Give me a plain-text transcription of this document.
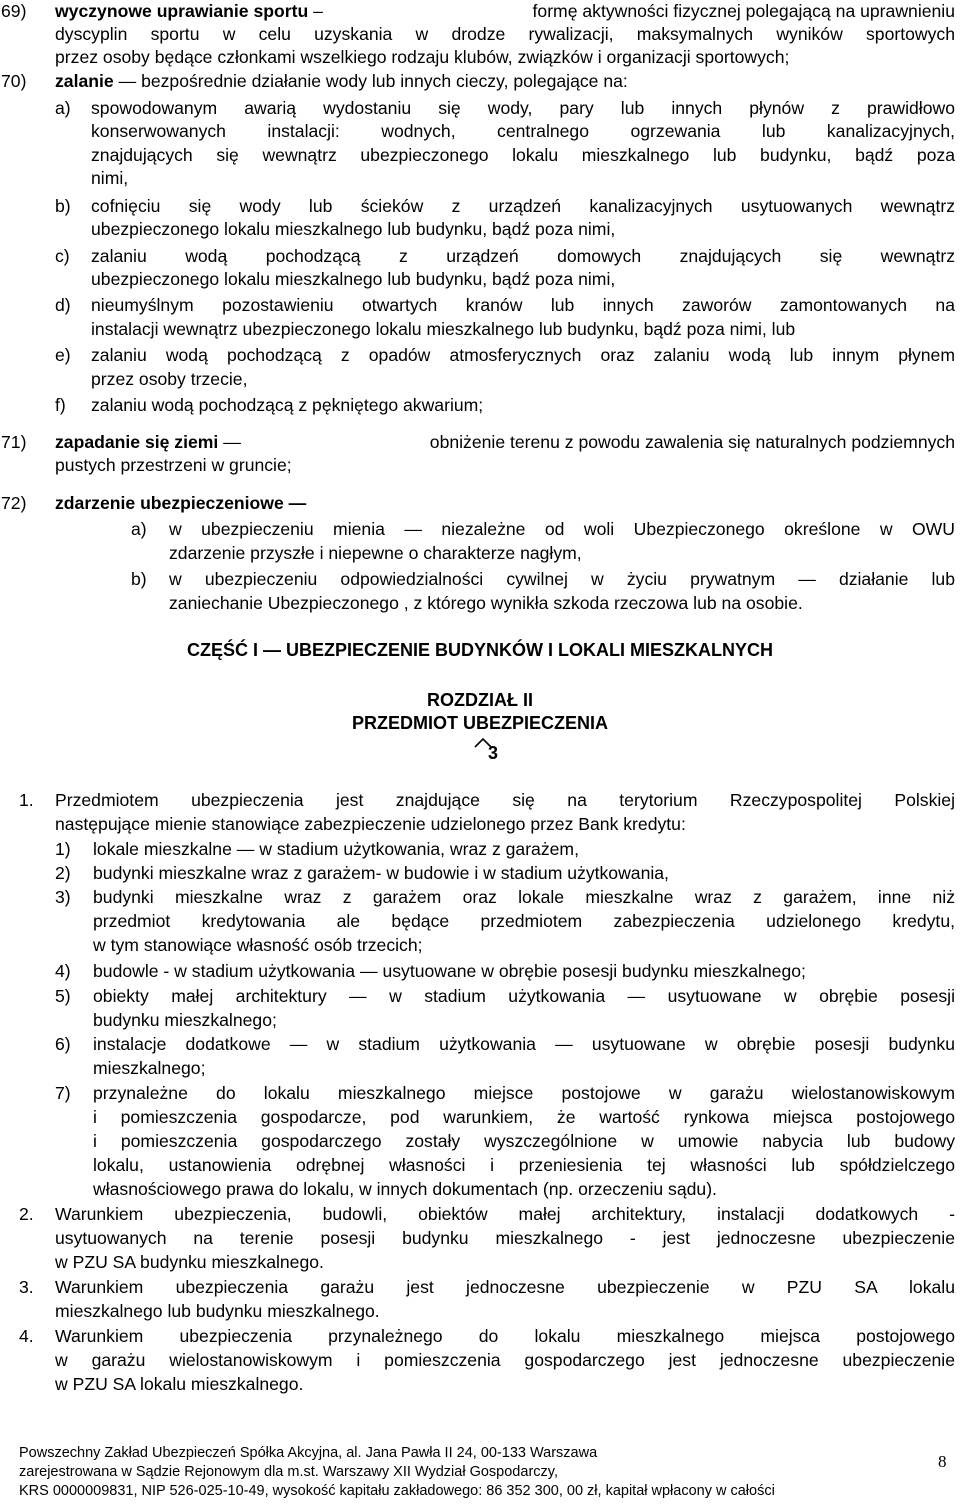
69) wyczynowe uprawianie sportu –	formę aktywności fizycznej polegającą na uprawnieniu
dyscyplin sportu w celu uzyskania w drodze rywalizacji, maksymalnych wyników sportowych
przez osoby będące członkami wszelkiego rodzaju klubów, związków i organizacji sportowych;
70) zalanie — bezpośrednie działanie wody lub innych cieczy, polegające na:
a) spowodowanym awarią wydostaniu się wody, pary lub innych płynów z prawidłowo
konserwowanych instalacji: wodnych, centralnego ogrzewania lub kanalizacyjnych,
znajdujących się wewnątrz ubezpieczonego lokalu mieszkalnego lub budynku, bądź poza
nimi,
b) cofnięciu się wody lub ścieków z urządzeń kanalizacyjnych usytuowanych wewnątrz
ubezpieczonego lokalu mieszkalnego lub budynku, bądź poza nimi,
c) zalaniu wodą pochodzącą z urządzeń domowych znajdujących się wewnątrz
ubezpieczonego lokalu mieszkalnego lub budynku, bądź poza nimi,
d) nieumyślnym pozostawieniu otwartych kranów lub innych zaworów zamontowanych na
instalacji wewnątrz ubezpieczonego lokalu mieszkalnego lub budynku, bądź poza nimi, lub
e) zalaniu wodą pochodzącą z opadów atmosferycznych oraz zalaniu wodą lub innym płynem
przez osoby trzecie,
f) zalaniu wodą pochodzącą z pękniętego akwarium;
71) zapadanie się ziemi —	obniżenie terenu z powodu zawalenia się naturalnych podziemnych
pustych przestrzeni w gruncie;
72) zdarzenie ubezpieczeniowe —
a) w ubezpieczeniu mienia — niezależne od woli Ubezpieczonego określone w OWU
zdarzenie przyszłe i niepewne o charakterze nagłym,
b) w ubezpieczeniu odpowiedzialności cywilnej w życiu prywatnym — działanie lub
zaniechanie Ubezpieczonego , z którego wynikła szkoda rzeczowa lub na osobie.
CZĘŚĆ I — UBEZPIECZENIE BUDYNKÓW I LOKALI MIESZKALNYCH
ROZDZIAŁ II
PRZEDMIOT UBEZPIECZENIA
3
1. Przedmiotem ubezpieczenia jest znajdujące się na terytorium Rzeczypospolitej Polskiej
następujące mienie stanowiące zabezpieczenie udzielonego przez Bank kredytu:
1) lokale mieszkalne — w stadium użytkowania, wraz z garażem,
2) budynki mieszkalne wraz z garażem- w budowie i w stadium użytkowania,
3) budynki mieszkalne wraz z garażem oraz lokale mieszkalne wraz z garażem, inne niż
przedmiot kredytowania ale będące przedmiotem zabezpieczenia udzielonego kredytu,
w tym stanowiące własność osób trzecich;
4) budowle - w stadium użytkowania — usytuowane w obrębie posesji budynku mieszkalnego;
5) obiekty małej architektury — w stadium użytkowania — usytuowane w obrębie posesji
budynku mieszkalnego;
6) instalacje dodatkowe — w stadium użytkowania — usytuowane w obrębie posesji budynku
mieszkalnego;
7) przynależne do lokalu mieszkalnego miejsce postojowe w garażu wielostanowiskowym
i pomieszczenia gospodarcze, pod warunkiem, że wartość rynkowa miejsca postojowego
i pomieszczenia gospodarczego zostały wyszczególnione w umowie nabycia lub budowy
lokalu, ustanowienia odrębnej własności i przeniesienia tej własności lub spółdzielczego
własnościowego prawa do lokalu, w innych dokumentach (np. orzeczeniu sądu).
2. Warunkiem ubezpieczenia, budowli, obiektów małej architektury, instalacji dodatkowych -
usytuowanych na terenie posesji budynku mieszkalnego - jest jednoczesne ubezpieczenie
w PZU SA budynku mieszkalnego.
3. Warunkiem ubezpieczenia garażu jest jednoczesne ubezpieczenie w PZU SA lokalu
mieszkalnego lub budynku mieszkalnego.
4. Warunkiem ubezpieczenia przynależnego do lokalu mieszkalnego miejsca postojowego
w garażu wielostanowiskowym i pomieszczenia gospodarczego jest jednoczesne ubezpieczenie
w PZU SA lokalu mieszkalnego.
Powszechny Zakład Ubezpieczeń Spółka Akcyjna, al. Jana Pawła II 24, 00-133 Warszawa
zarejestrowana w Sądzie Rejonowym dla m.st. Warszawy XII Wydział Gospodarczy,
KRS 0000009831, NIP 526-025-10-49, wysokość kapitału zakładowego: 86 352 300, 00 zł, kapitał wpłacony w całości
8
